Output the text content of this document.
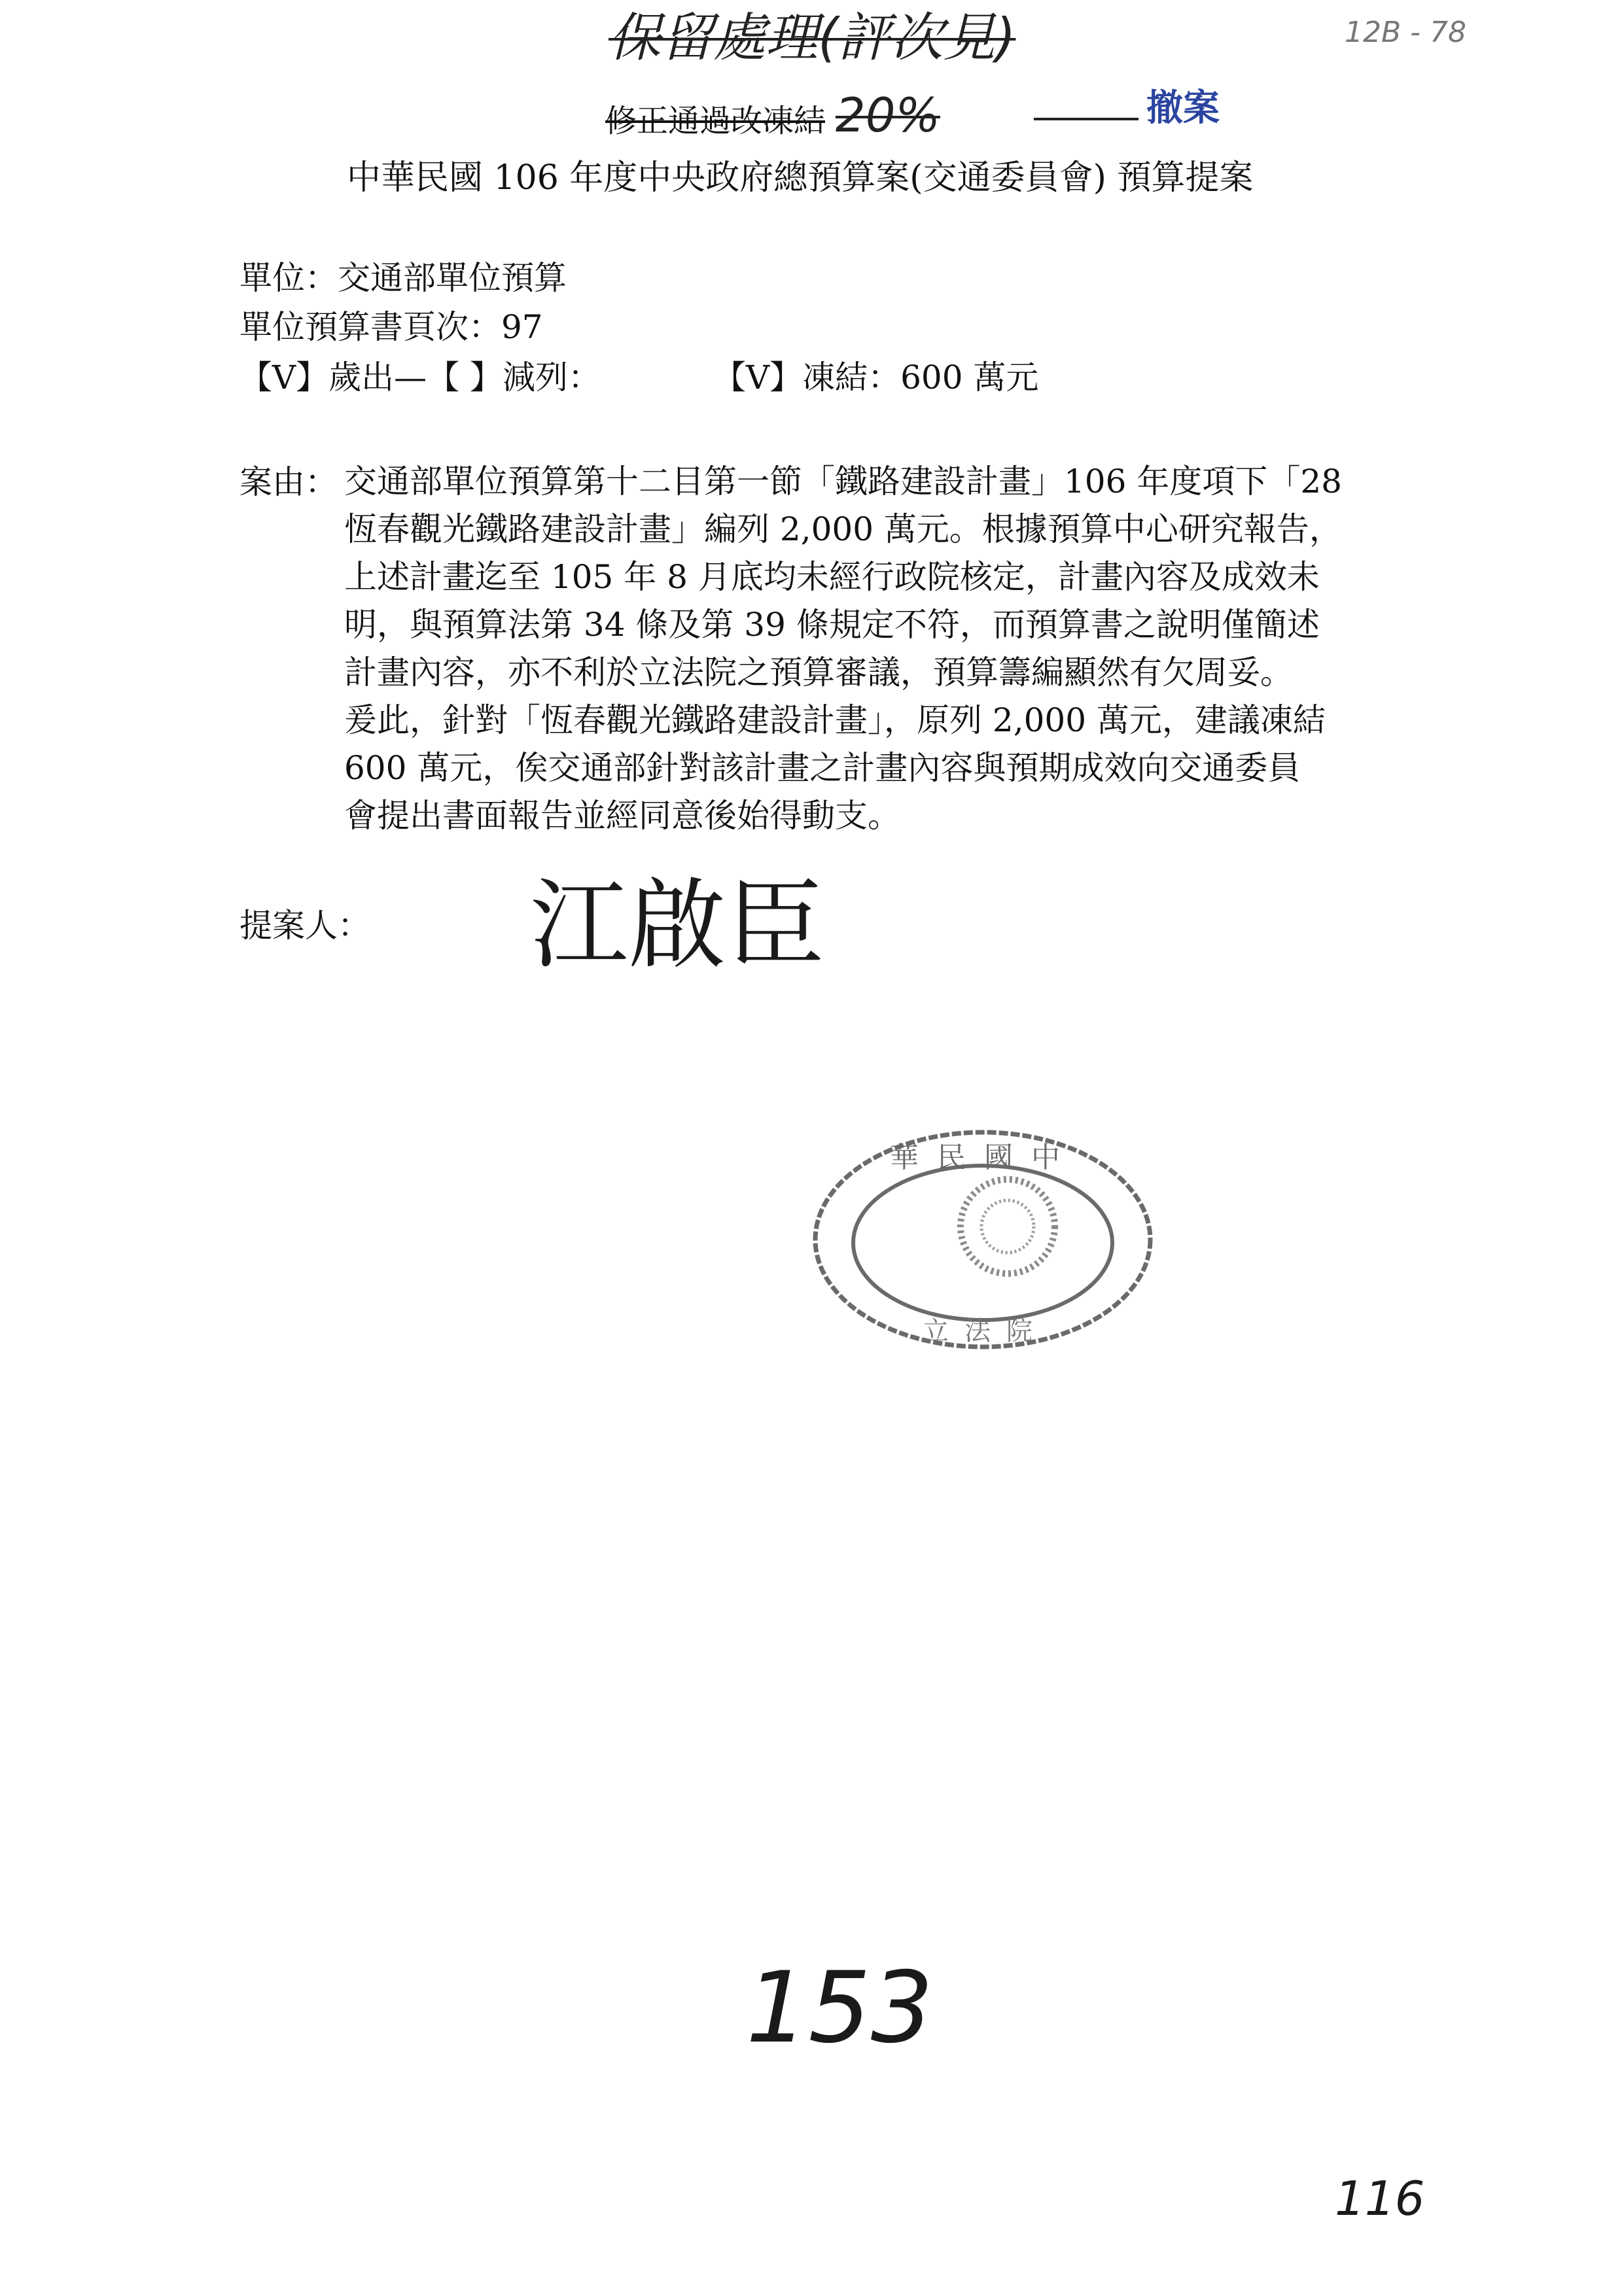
保留處理(評次見)	12B - 78
修正通過改凍結 20%	撤案
中華民國 106 年度中央政府總預算案(交通委員會) 預算提案
單位：交通部單位預算
單位預算書頁次：97
【V】歲出—【 】減列：	【V】凍結：600 萬元
案由： 交通部單位預算第十二目第一節「鐵路建設計畫」106 年度項下「28
恆春觀光鐵路建設計畫」編列 2,000 萬元。根據預算中心研究報告，
上述計畫迄至 105 年 8 月底均未經行政院核定，計畫內容及成效未
明，與預算法第 34 條及第 39 條規定不符，而預算書之說明僅簡述
計畫內容，亦不利於立法院之預算審議，預算籌編顯然有欠周妥。
爰此，針對「恆春觀光鐵路建設計畫」，原列 2,000 萬元，建議凍結
600 萬元，俟交通部針對該計畫之計畫內容與預期成效向交通委員
會提出書面報告並經同意後始得動支。
提案人： 江啟臣
華民國中
立法院
153
116
